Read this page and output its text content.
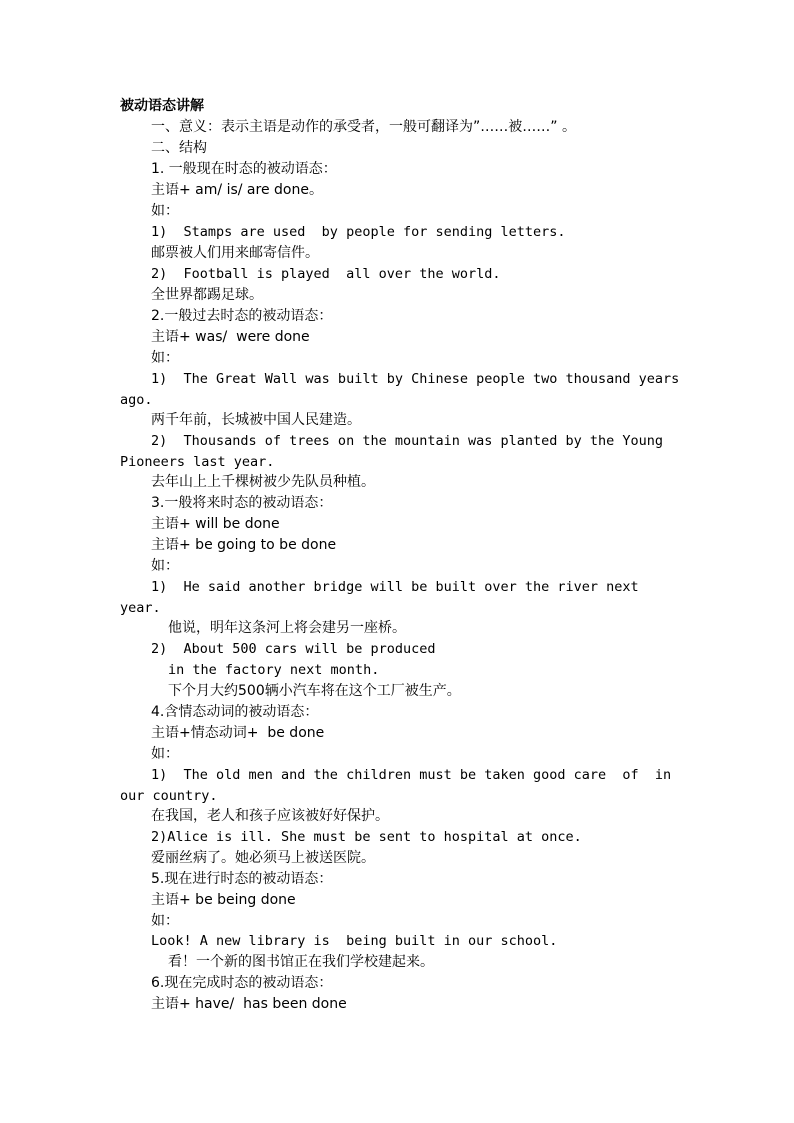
被动语态讲解

一、意义：表示主语是动作的承受者，一般可翻译为”……被……” 。

二、结构

1. 一般现在时态的被动语态：

主语+ am/ is/ are done。

如：

1)  Stamps are used  by people for sending letters.

邮票被人们用来邮寄信件。

2)  Football is played  all over the world.

全世界都踢足球。

2.一般过去时态的被动语态：

主语+ was/  were done

如：

1)  The Great Wall was built by Chinese people two thousand years

ago.

两千年前，长城被中国人民建造。

2)  Thousands of trees on the mountain was planted by the Young

Pioneers last year.

去年山上上千棵树被少先队员种植。

3.一般将来时态的被动语态：

主语+ will be done

主语+ be going to be done

如：

1)  He said another bridge will be built over the river next

year.

他说，明年这条河上将会建另一座桥。

2)  About 500 cars will be produced

in the factory next month.

下个月大约500辆小汽车将在这个工厂被生产。

4.含情态动词的被动语态：

主语+情态动词+  be done

如：

1)  The old men and the children must be taken good care  of  in

our country.

在我国，老人和孩子应该被好好保护。

2)Alice is ill. She must be sent to hospital at once.

爱丽丝病了。她必须马上被送医院。

5.现在进行时态的被动语态：

主语+ be being done

如：

Look! A new library is  being built in our school.

看！一个新的图书馆正在我们学校建起来。

6.现在完成时态的被动语态：

主语+ have/  has been done
